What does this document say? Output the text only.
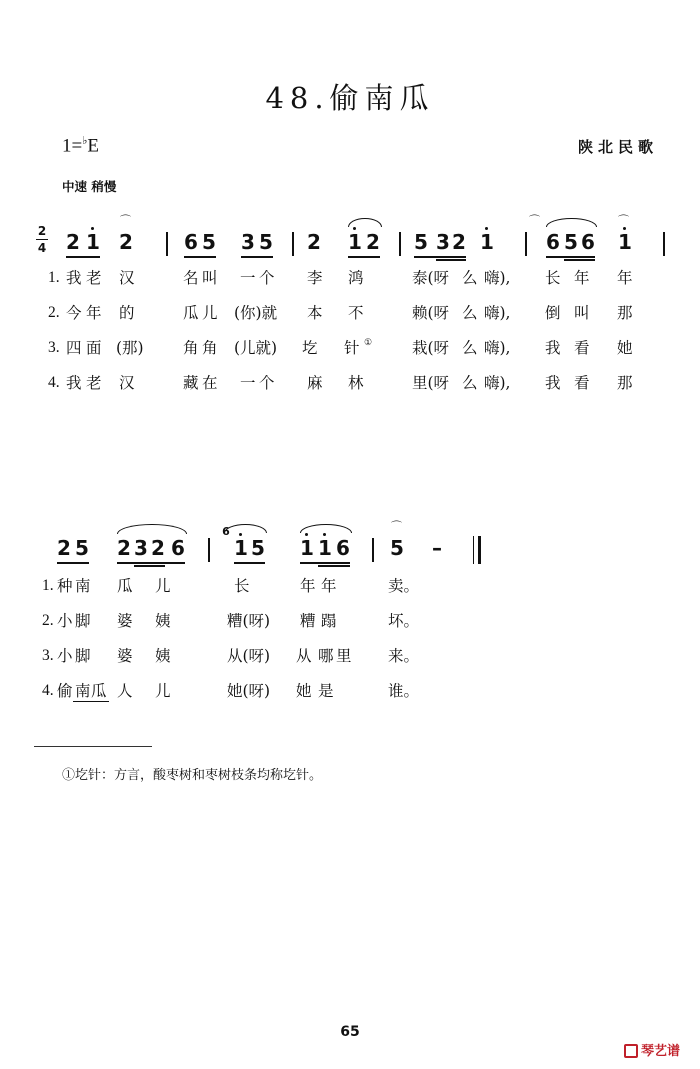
48.偷南瓜
1=♭E	陕北民歌
中速 稍慢
2
4 2 1 2	6 5 3 5 2 1 2 5 3 2 1	6 5 6 1
⌒	⌒	⌒
1. 我 老 汉	名 叫 一 个 李 鸿	泰(呀 么 嗨), 长 年 年
2. 今 年 的	瓜 儿 (你)就 本 不	赖(呀 么 嗨), 倒 叫 那
3. 四 面 (那)	角 角 (儿就) 圪 针 ①	栽(呀 么 嗨), 我 看 她
4. 我 老 汉	藏 在 一 个 麻 林	里(呀 么 嗨), 我 看 那
2 5 2 3 2 6
6
1 5 1 1 6 5 –
⌒
1. 种 南 瓜 儿	长	年 年	卖。
2. 小 脚 婆 姨	糟(呀) 糟 蹋	坏。
3. 小 脚 婆 姨	从(呀) 从 哪 里 来。
4. 偷 南 瓜 人 儿	她(呀) 她 是	谁。
①圪针：方言，酸枣树和枣树枝条均称圪针。
65
琴艺谱
